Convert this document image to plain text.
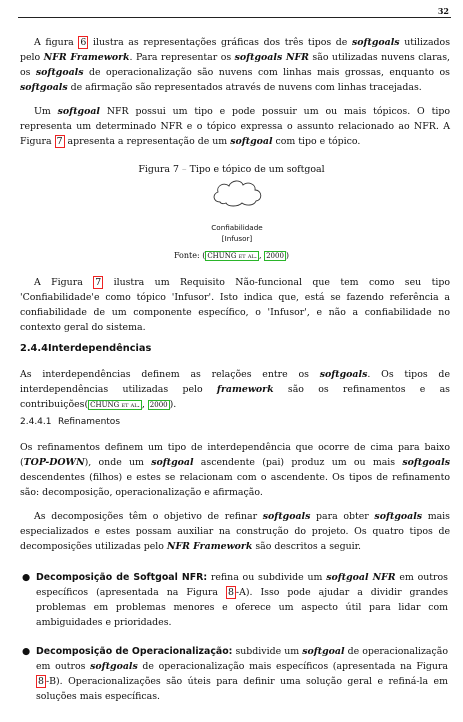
32
A figura 6 ilustra as representações gráficas dos três tipos de softgoals utilizados pelo NFR Framework. Para representar os softgoals NFR são utilizadas nuvens claras, os softgoals de operacionalização são nuvens com linhas mais grossas, enquanto os softgoals de afirmação são representados através de nuvens com linhas tracejadas.
Um softgoal NFR possui um tipo e pode possuir um ou mais tópicos. O tipo representa um determinado NFR e o tópico expressa o assunto relacionado ao NFR. A Figura 7 apresenta a representação de um softgoal com tipo e tópico.
Figura 7 – Tipo e tópico de um softgoal
Confiabilidade
[Infusor]
Fonte: ( CHUNG et al. , 2000 )
A Figura 7 ilustra um Requisito Não-funcional que tem como seu tipo 'Confiabilidade'e como tópico 'Infusor'. Isto indica que, está se fazendo referência a confiabilidade de um componente específico, o 'Infusor', e não a confiabilidade no contexto geral do sistema.
2.4.4Interdependências
As interdependências definem as relações entre os softgoals. Os tipos de interdependências utilizadas pelo framework são os refinamentos e as contribuições( CHUNG et al. , 2000 ).
2.4.4.1 Refinamentos
Os refinamentos definem um tipo de interdependência que ocorre de cima para baixo (TOP-DOWN), onde um softgoal ascendente (pai) produz um ou mais softgoals descendentes (filhos) e estes se relacionam com o ascendente. Os tipos de refinamento são: decomposição, operacionalização e afirmação.
As decomposições têm o objetivo de refinar softgoals para obter softgoals mais especializados e estes possam auxiliar na construção do projeto. Os quatro tipos de decomposições utilizadas pelo NFR Framework são descritos a seguir.
● Decomposição de Softgoal NFR: refina ou subdivide um softgoal NFR em outros específicos (apresentada na Figura 8 -A). Isso pode ajudar a dividir grandes problemas em problemas menores e oferece um aspecto útil para lidar com ambiguidades e prioridades.
● Decomposição de Operacionalização: subdivide um softgoal de operacionalização em outros softgoals de operacionalização mais específicos (apresentada na Figura 8 -B). Operacionalizações são úteis para definir uma solução geral e refiná-la em soluções mais específicas.
